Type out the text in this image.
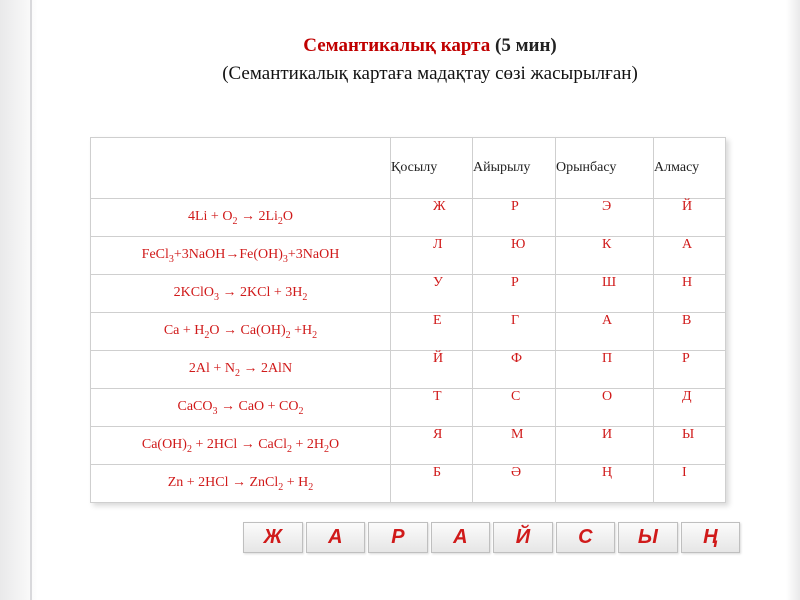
Семантикалық карта (5 мин)
(Семантикалық картаға мадақтау сөзі жасырылған)
	Қосылу	Айырылу	Орынбасу	Алмасу
$4Li + O_2 \to 2Li_2O$	Ж	Р	Э	Й
$FeCl_3+3NaOH\to Fe(OH)_3+3NaOH$	Л	Ю	К	А
2KClO$_3$ → $2KCl + 3H_2$	У	Р	Ш	Н
$Ca + H_2O \to Ca(OH)_2 +H_2$	Е	Г	А	В
$2Al + N_2 \to 2AlN$	Й	Ф	П	Р
CaCO$_3$ → CaO + $CO_2$	Т	С	О	Д
$Ca(OH)_2 + 2HCl$ → CaCl$_2$ + $2H_2O$	Я	М	И	Ы
Zn + 2HCl → ZnCl$_2$ + $H_2$	Б	Ә	Ң	І
Ж	А	Р	А	Й	С	Ы	Ң
